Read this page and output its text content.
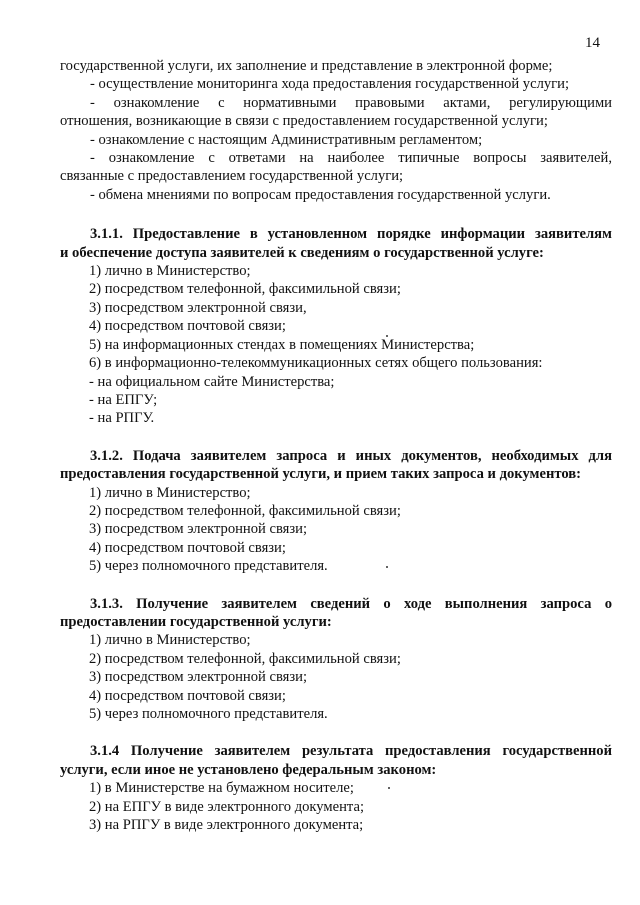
14
государственной услуги, их заполнение и представление в электронной форме;
- осуществление мониторинга хода предоставления государственной услуги;
- ознакомление с нормативными правовыми актами, регулирующими
отношения, возникающие в связи с предоставлением государственной услуги;
- ознакомление с настоящим Административным регламентом;
- ознакомление с ответами на наиболее типичные вопросы заявителей,
связанные с предоставлением государственной услуги;
- обмена мнениями по вопросам предоставления государственной услуги.
3.1.1. Предоставление в установленном порядке информации заявителям
и обеспечение доступа заявителей к сведениям о государственной услуге:
1) лично в Министерство;
2) посредством телефонной, факсимильной связи;
3) посредством электронной связи,
4) посредством почтовой связи;
5) на информационных стендах в помещениях Министерства;
6) в информационно-телекоммуникационных сетях общего пользования:
- на официальном сайте Министерства;
- на ЕПГУ;
- на РПГУ.
3.1.2. Подача заявителем запроса и иных документов, необходимых для
предоставления государственной услуги, и прием таких запроса и документов:
1) лично в Министерство;
2) посредством телефонной, факсимильной связи;
3) посредством электронной связи;
4) посредством почтовой связи;
5) через полномочного представителя.
3.1.3. Получение заявителем сведений о ходе выполнения запроса о
предоставлении государственной услуги:
1) лично в Министерство;
2) посредством телефонной, факсимильной связи;
3) посредством электронной связи;
4) посредством почтовой связи;
5) через полномочного представителя.
3.1.4 Получение заявителем результата предоставления государственной
услуги, если иное не установлено федеральным законом:
1) в Министерстве на бумажном носителе;
2) на ЕПГУ в виде электронного документа;
3) на РПГУ в виде электронного документа;
